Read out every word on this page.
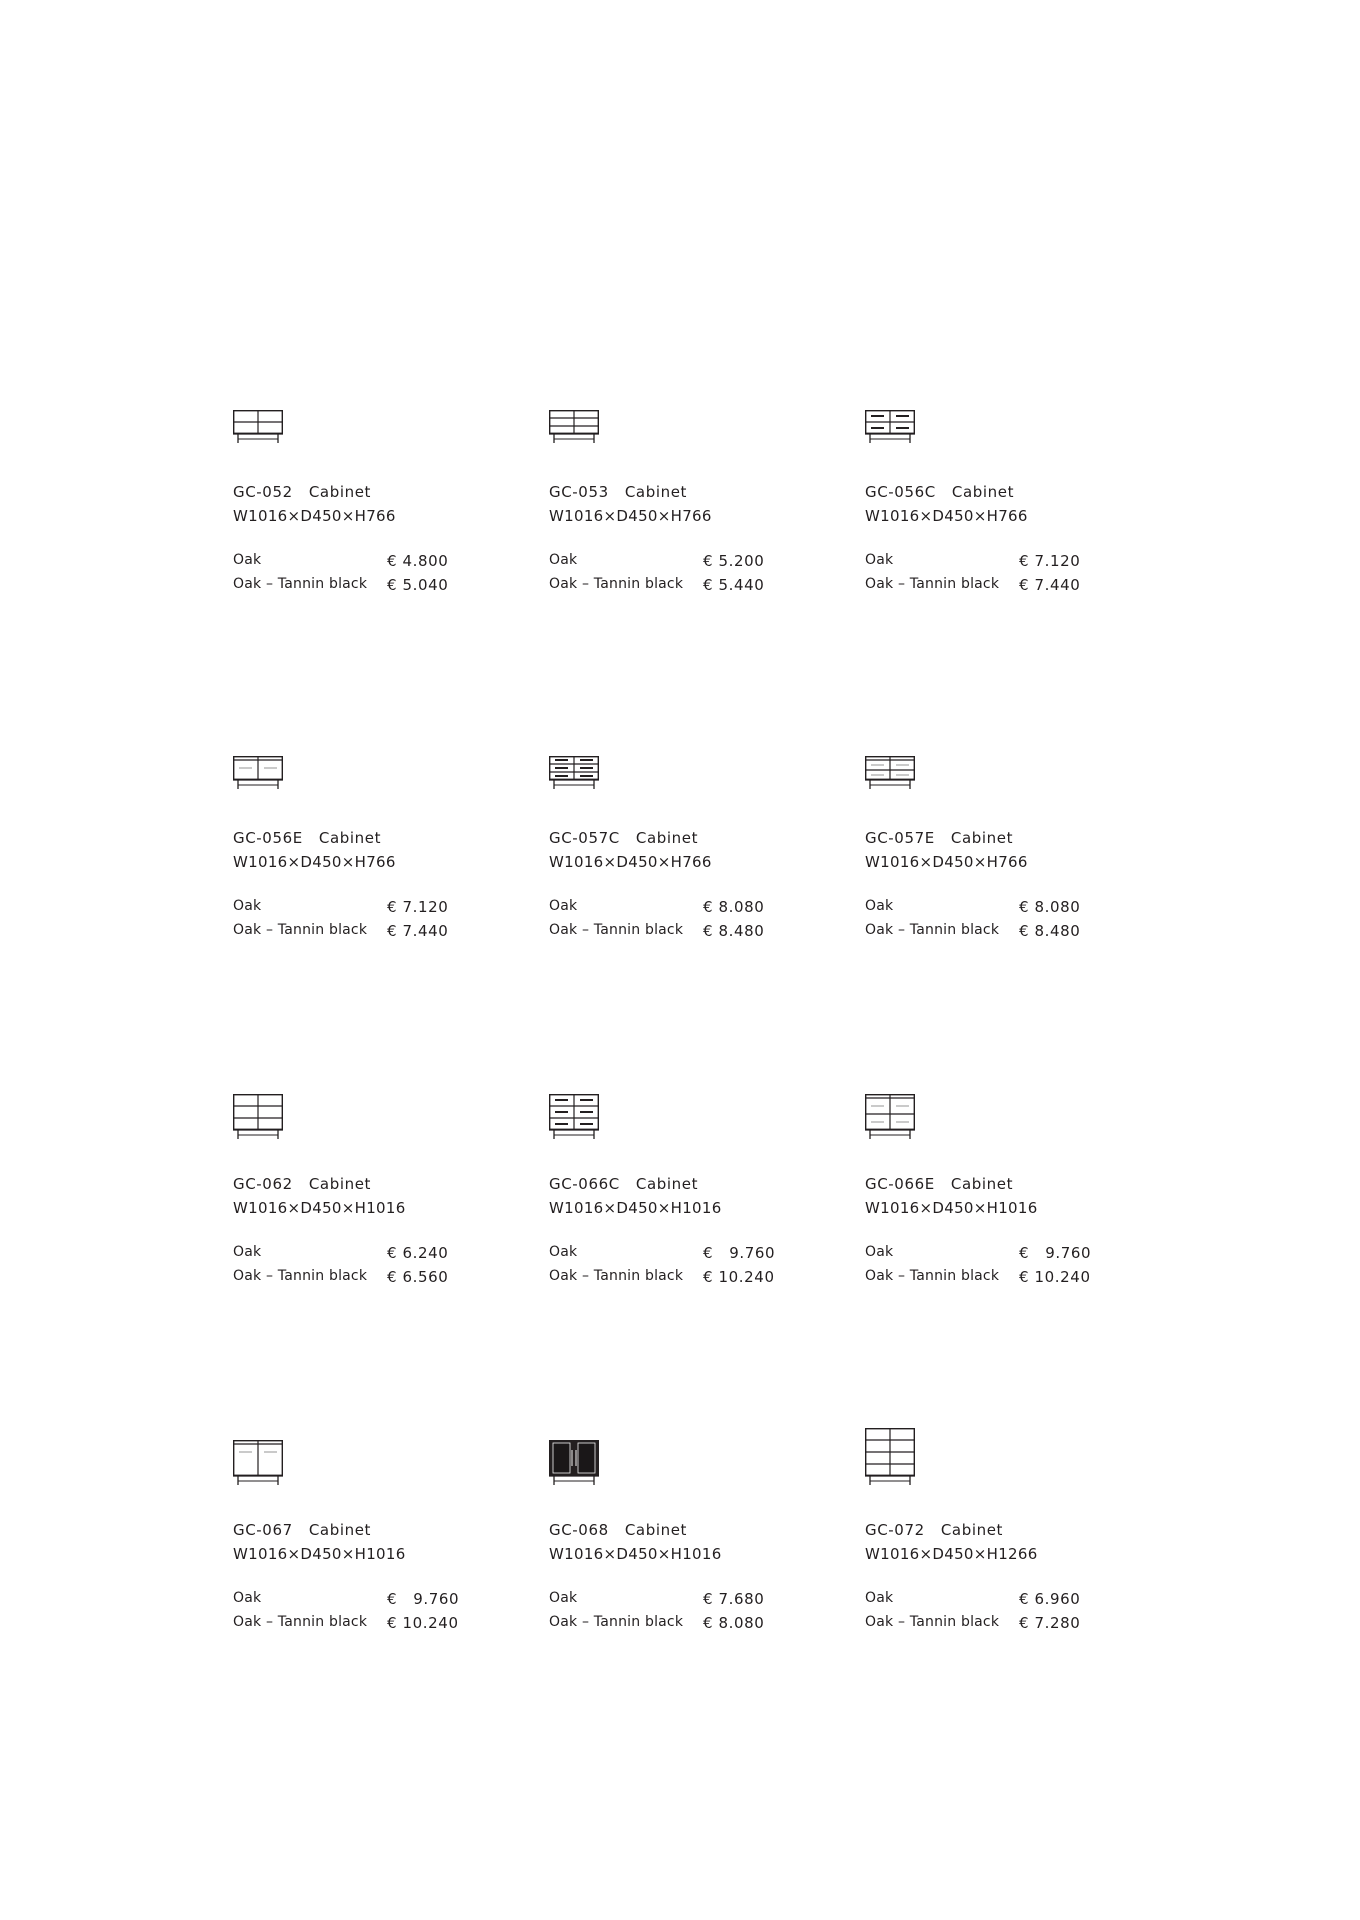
GC-052   Cabinet
W1016×D450×H766
Oak	€ 4.800
Oak – Tannin black € 5.040
GC-053   Cabinet
W1016×D450×H766
Oak	€ 5.200
Oak – Tannin black € 5.440
GC-056C   Cabinet
W1016×D450×H766
Oak	€ 7.120
Oak – Tannin black € 7.440
GC-056E   Cabinet
W1016×D450×H766
Oak	€ 7.120
Oak – Tannin black € 7.440
GC-057C   Cabinet
W1016×D450×H766
Oak	€ 8.080
Oak – Tannin black € 8.480
GC-057E   Cabinet
W1016×D450×H766
Oak	€ 8.080
Oak – Tannin black € 8.480
GC-062   Cabinet
W1016×D450×H1016
Oak	€ 6.240
Oak – Tannin black € 6.560
GC-066C   Cabinet
W1016×D450×H1016
Oak	€   9.760
Oak – Tannin black € 10.240
GC-066E   Cabinet
W1016×D450×H1016
Oak	€   9.760
Oak – Tannin black € 10.240
GC-067   Cabinet
W1016×D450×H1016
Oak	€   9.760
Oak – Tannin black € 10.240
GC-068   Cabinet
W1016×D450×H1016
Oak	€ 7.680
Oak – Tannin black € 8.080
GC-072   Cabinet
W1016×D450×H1266
Oak	€ 6.960
Oak – Tannin black € 7.280
